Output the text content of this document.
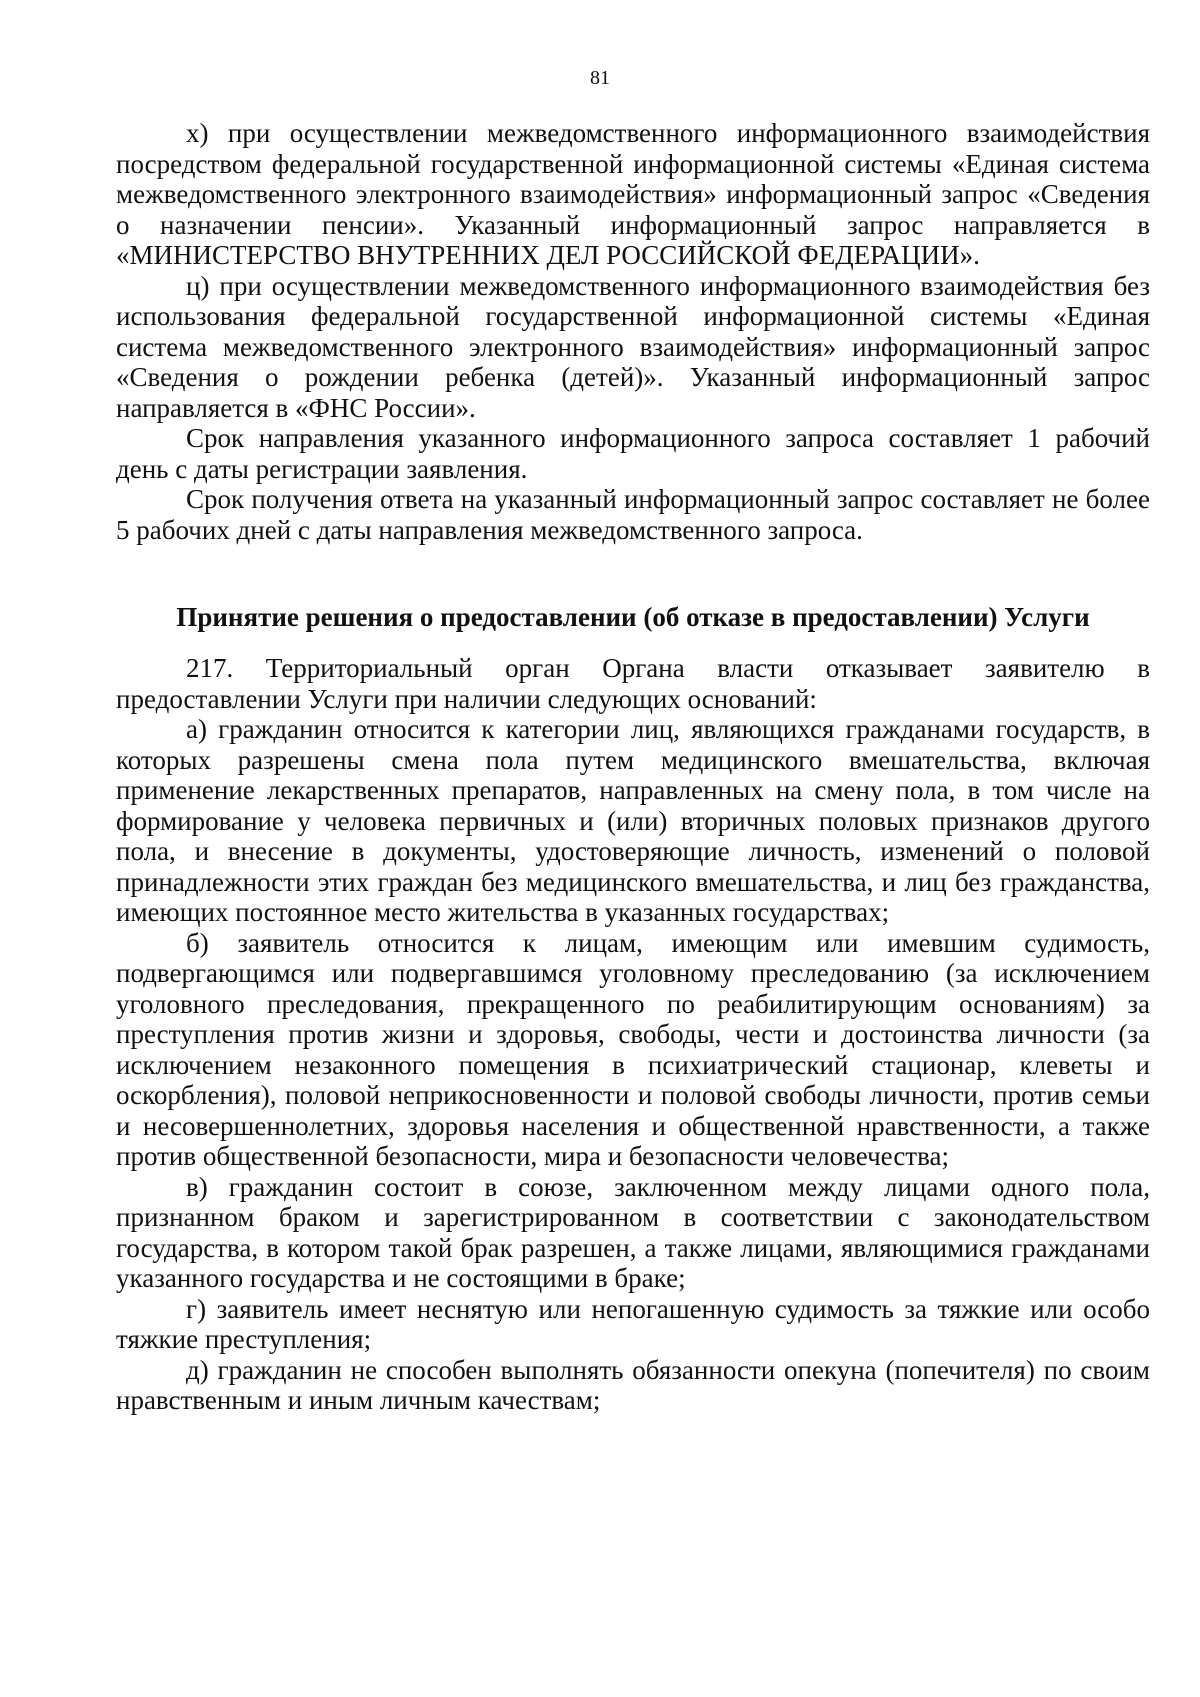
81

х) при осуществлении межведомственного информационного взаимодействия посредством федеральной государственной информационной системы «Единая система межведомственного электронного взаимодействия» информационный запрос «Сведения о назначении пенсии». Указанный информационный запрос направляется в «МИНИСТЕРСТВО ВНУТРЕННИХ ДЕЛ РОССИЙСКОЙ ФЕДЕРАЦИИ».

ц) при осуществлении межведомственного информационного взаимодействия без использования федеральной государственной информационной системы «Единая система межведомственного электронного взаимодействия» информационный запрос «Сведения о рождении ребенка (детей)». Указанный информационный запрос направляется в «ФНС России».

Срок направления указанного информационного запроса составляет 1 рабочий день с даты регистрации заявления.

Срок получения ответа на указанный информационный запрос составляет не более 5 рабочих дней с даты направления межведомственного запроса.

Принятие решения о предоставлении (об отказе в предоставлении) Услуги

217. Территориальный орган Органа власти отказывает заявителю в предоставлении Услуги при наличии следующих оснований:

а) гражданин относится к категории лиц, являющихся гражданами государств, в которых разрешены смена пола путем медицинского вмешательства, включая применение лекарственных препаратов, направленных на смену пола, в том числе на формирование у человека первичных и (или) вторичных половых признаков другого пола, и внесение в документы, удостоверяющие личность, изменений о половой принадлежности этих граждан без медицинского вмешательства, и лиц без гражданства, имеющих постоянное место жительства в указанных государствах;

б) заявитель относится к лицам, имеющим или имевшим судимость, подвергающимся или подвергавшимся уголовному преследованию (за исключением уголовного преследования, прекращенного по реабилитирующим основаниям) за преступления против жизни и здоровья, свободы, чести и достоинства личности (за исключением незаконного помещения в психиатрический стационар, клеветы и оскорбления), половой неприкосновенности и половой свободы личности, против семьи и несовершеннолетних, здоровья населения и общественной нравственности, а также против общественной безопасности, мира и безопасности человечества;

в) гражданин состоит в союзе, заключенном между лицами одного пола, признанном браком и зарегистрированном в соответствии с законодательством государства, в котором такой брак разрешен, а также лицами, являющимися гражданами указанного государства и не состоящими в браке;

г) заявитель имеет неснятую или непогашенную судимость за тяжкие или особо тяжкие преступления;

д) гражданин не способен выполнять обязанности опекуна (попечителя) по своим нравственным и иным личным качествам;
